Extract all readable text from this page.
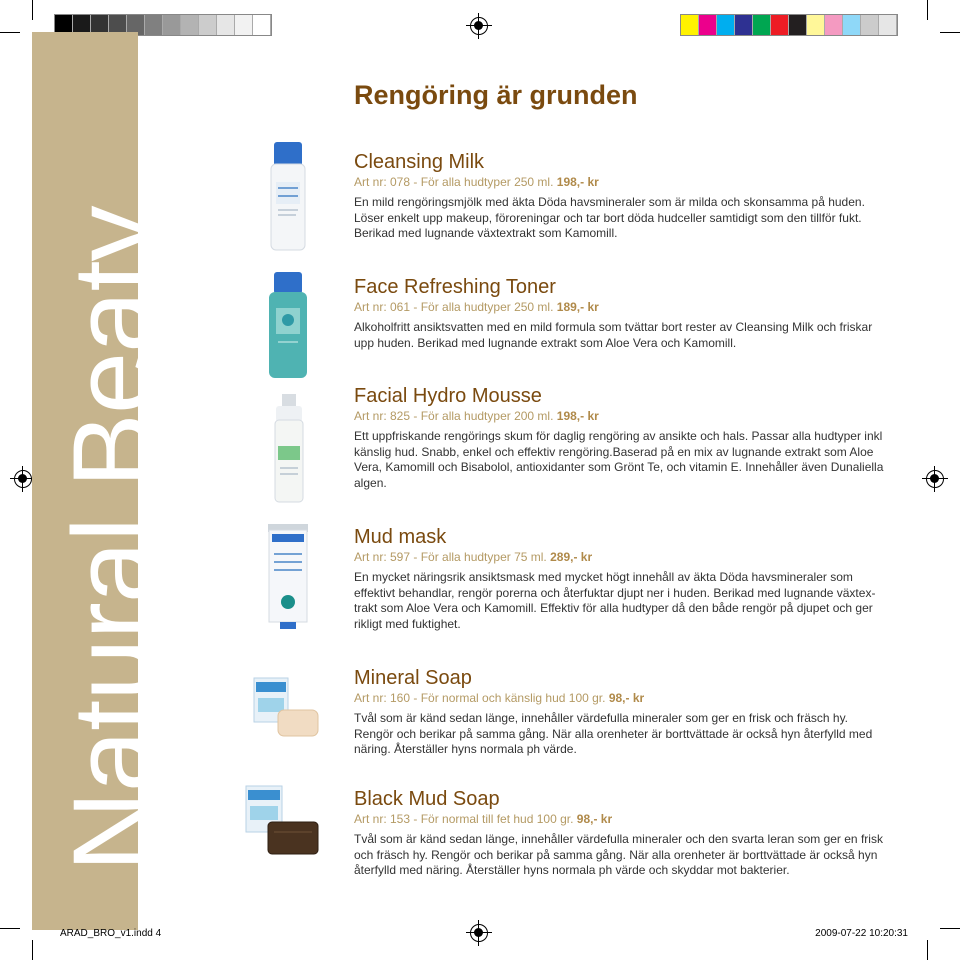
Natural Beaty
Rengöring är grunden
Cleansing Milk
Art nr: 078 - För alla hudtyper 250 ml. 198,- kr
En mild rengöringsmjölk med äkta Döda havsmineraler som är milda och skonsamma på huden. Löser enkelt upp makeup, föroreningar och tar bort döda hudceller samtidigt som den tillför fukt. Berikad med lugnande växtextrakt som Kamomill.
Face Refreshing Toner
Art nr: 061 - För alla hudtyper 250 ml. 189,- kr
Alkoholfritt ansiktsvatten med en mild formula som tvättar bort rester av Cleansing Milk och friskar upp huden. Berikad med lugnande extrakt som Aloe Vera och Kamomill.
Facial Hydro Mousse
Art nr: 825 - För alla hudtyper 200 ml. 198,- kr
Ett uppfriskande rengörings skum för daglig rengöring av ansikte och hals. Passar alla hudtyper inkl känslig hud. Snabb, enkel och effektiv rengöring.Baserad på en mix av lugnande extrakt som Aloe Vera, Kamomill och Bisabolol, antioxidanter som Grönt Te, och vitamin E. Innehåller även Dunaliella algen.
Mud mask
Art nr: 597 - För alla hudtyper 75 ml. 289,- kr
En mycket näringsrik ansiktsmask med mycket högt innehåll av äkta Döda havsmineraler som effektivt behandlar, rengör porerna och återfuktar djupt ner i huden. Berikad med lugnande växtex-trakt som Aloe Vera och Kamomill. Effektiv för alla hudtyper då den både rengör på djupet och ger rikligt med fuktighet.
Mineral Soap
Art nr: 160 - För normal och känslig hud 100 gr. 98,- kr
Tvål som är känd sedan länge, innehåller värdefulla mineraler som ger en frisk och fräsch hy. Rengör och berikar på samma gång. När alla orenheter är borttvättade är också hyn återfylld med näring. Återställer hyns normala ph värde.
Black Mud Soap
Art nr: 153 - För normal till fet hud 100 gr. 98,- kr
Tvål som är känd sedan länge, innehåller värdefulla mineraler och den svarta leran som ger en frisk och fräsch hy. Rengör och berikar på samma gång. När alla orenheter är borttvättade är också hyn återfylld med näring. Återställer hyns normala ph värde och skyddar mot bakterier.
ARAD_BRO_v1.indd 4	2009-07-22 10:20:31
